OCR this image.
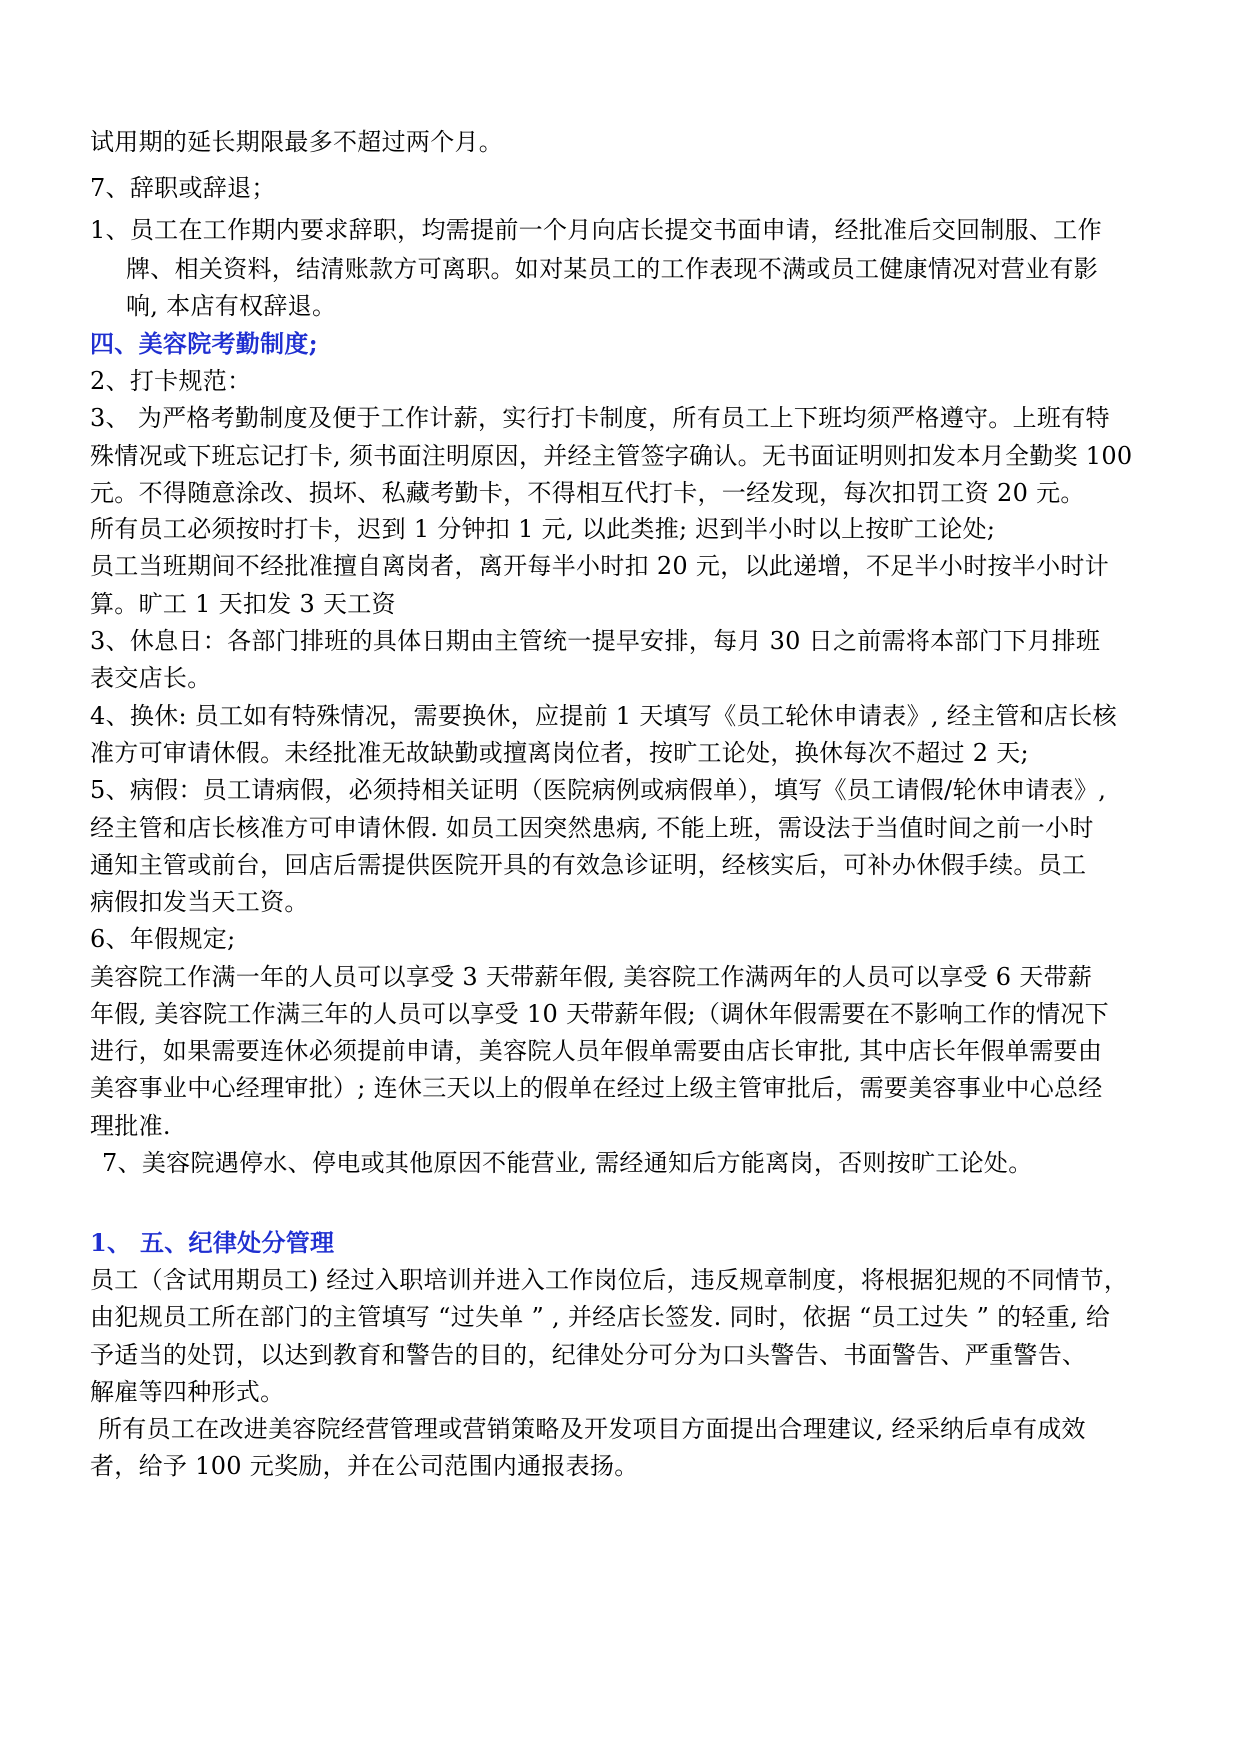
试用期的延长期限最多不超过两个月。
7、辞职或辞退；
1、员工在工作期内要求辞职，均需提前一个月向店长提交书面申请，经批准后交回制服、工作
牌、相关资料，结清账款方可离职。如对某员工的工作表现不满或员工健康情况对营业有影
响, 本店有权辞退。
四、美容院考勤制度;
2、打卡规范：
3、 为严格考勤制度及便于工作计薪，实行打卡制度，所有员工上下班均须严格遵守。上班有特
殊情况或下班忘记打卡, 须书面注明原因，并经主管签字确认。无书面证明则扣发本月全勤奖 100
元。不得随意涂改、损坏、私藏考勤卡，不得相互代打卡，一经发现，每次扣罚工资 20 元。
所有员工必须按时打卡，迟到 1 分钟扣 1 元, 以此类推; 迟到半小时以上按旷工论处;
员工当班期间不经批准擅自离岗者，离开每半小时扣 20 元，以此递增，不足半小时按半小时计
算。旷工 1 天扣发 3 天工资
3、休息日：各部门排班的具体日期由主管统一提早安排，每月 30 日之前需将本部门下月排班
表交店长。
4、换休: 员工如有特殊情况，需要换休，应提前 1 天填写《员工轮休申请表》, 经主管和店长核
准方可审请休假。未经批准无故缺勤或擅离岗位者，按旷工论处，换休每次不超过 2 天;
5、病假：员工请病假，必须持相关证明（医院病例或病假单），填写《员工请假/轮休申请表》,
经主管和店长核准方可申请休假. 如员工因突然患病, 不能上班，需设法于当值时间之前一小时
通知主管或前台，回店后需提供医院开具的有效急诊证明，经核实后，可补办休假手续。员工
病假扣发当天工资。
6、年假规定;
美容院工作满一年的人员可以享受 3 天带薪年假, 美容院工作满两年的人员可以享受 6 天带薪
年假, 美容院工作满三年的人员可以享受 10 天带薪年假;（调休年假需要在不影响工作的情况下
进行，如果需要连休必须提前申请，美容院人员年假单需要由店长审批, 其中店长年假单需要由
美容事业中心经理审批）; 连休三天以上的假单在经过上级主管审批后，需要美容事业中心总经
理批准.
7、美容院遇停水、停电或其他原因不能营业, 需经通知后方能离岗，否则按旷工论处。
1、 五、纪律处分管理
员工（含试用期员工) 经过入职培训并进入工作岗位后，违反规章制度，将根据犯规的不同情节，
由犯规员工所在部门的主管填写 “过失单 ” , 并经店长签发. 同时，依据 “员工过失 ” 的轻重, 给
予适当的处罚，以达到教育和警告的目的，纪律处分可分为口头警告、书面警告、严重警告、
解雇等四种形式。
所有员工在改进美容院经营管理或营销策略及开发项目方面提出合理建议, 经采纳后卓有成效
者，给予 100 元奖励，并在公司范围内通报表扬。
